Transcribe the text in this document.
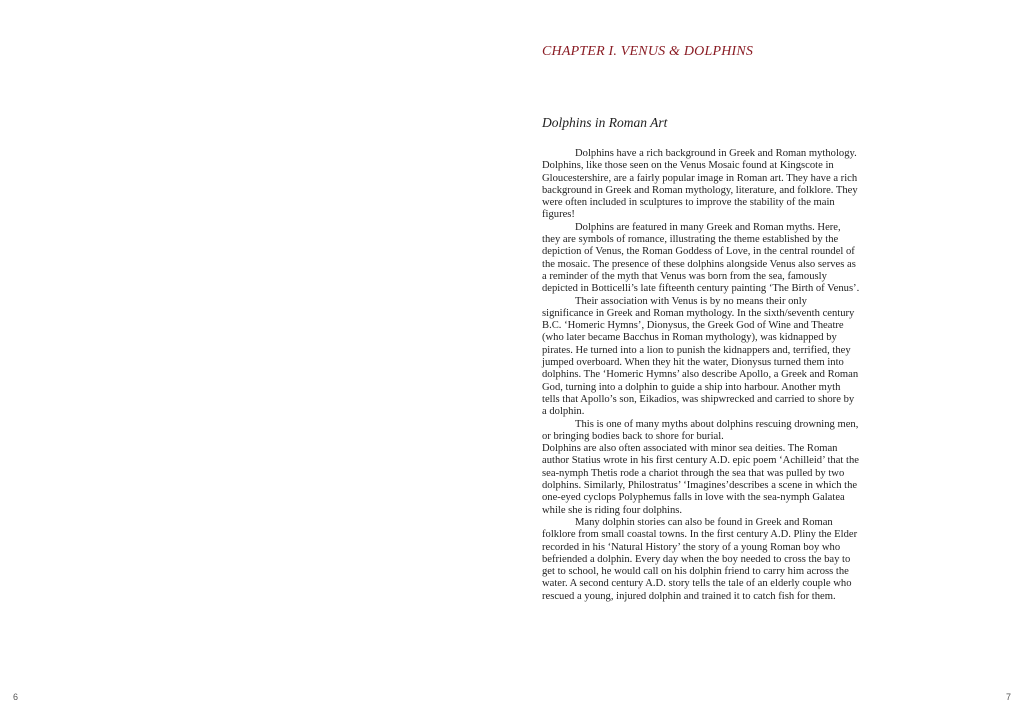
6
CHAPTER I. VENUS & DOLPHINS
Dolphins in Roman Art

Dolphins have a rich background in Greek and Roman mythology.

Dolphins, like those seen on the Venus Mosaic found at Kingscote in Gloucestershire, are a fairly popular image in Roman art. They have a rich background in Greek and Roman mythology, literature, and folklore. They were often included in sculptures to improve the stability of the main figures!

Dolphins are featured in many Greek and Roman myths. Here, they are symbols of romance, illustrating the theme established by the depiction of Venus, the Roman Goddess of Love, in the central roundel of the mosaic. The presence of these dolphins alongside Venus also serves as a reminder of the myth that Venus was born from the sea, famously depicted in Botticelli’s late fifteenth century painting ‘The Birth of Venus’.

Their association with Venus is by no means their only significance in Greek and Roman mythology. In the sixth/seventh century B.C. ‘Homeric Hymns’, Dionysus, the Greek God of Wine and Theatre (who later became Bacchus in Roman mythology), was kidnapped by pirates. He turned into a lion to punish the kidnappers and, terrified, they jumped overboard. When they hit the water, Dionysus turned them into dolphins. The ‘Homeric Hymns’ also describe Apollo, a Greek and Roman God, turning into a dolphin to guide a ship into harbour. Another myth tells that Apollo’s son, Eikadios, was shipwrecked and carried to shore by a dolphin.

This is one of many myths about dolphins rescuing drowning men, or bringing bodies back to shore for burial.

Dolphins are also often associated with minor sea deities. The Roman author Statius wrote in his first century A.D. epic poem ‘Achilleid’ that the sea-nymph Thetis rode a chariot through the sea that was pulled by two dolphins. Similarly, Philostratus’ ‘Imagines’describes a scene in which the one-eyed cyclops Polyphemus falls in love with the sea-nymph Galatea while she is riding four dolphins.

Many dolphin stories can also be found in Greek and Roman folklore from small coastal towns. In the first century A.D. Pliny the Elder recorded in his ‘Natural History’ the story of a young Roman boy who befriended a dolphin. Every day when the boy needed to cross the bay to get to school, he would call on his dolphin friend to carry him across the water. A second century A.D. story tells the tale of an elderly couple who rescued a young, injured dolphin and trained it to catch fish for them.

7
